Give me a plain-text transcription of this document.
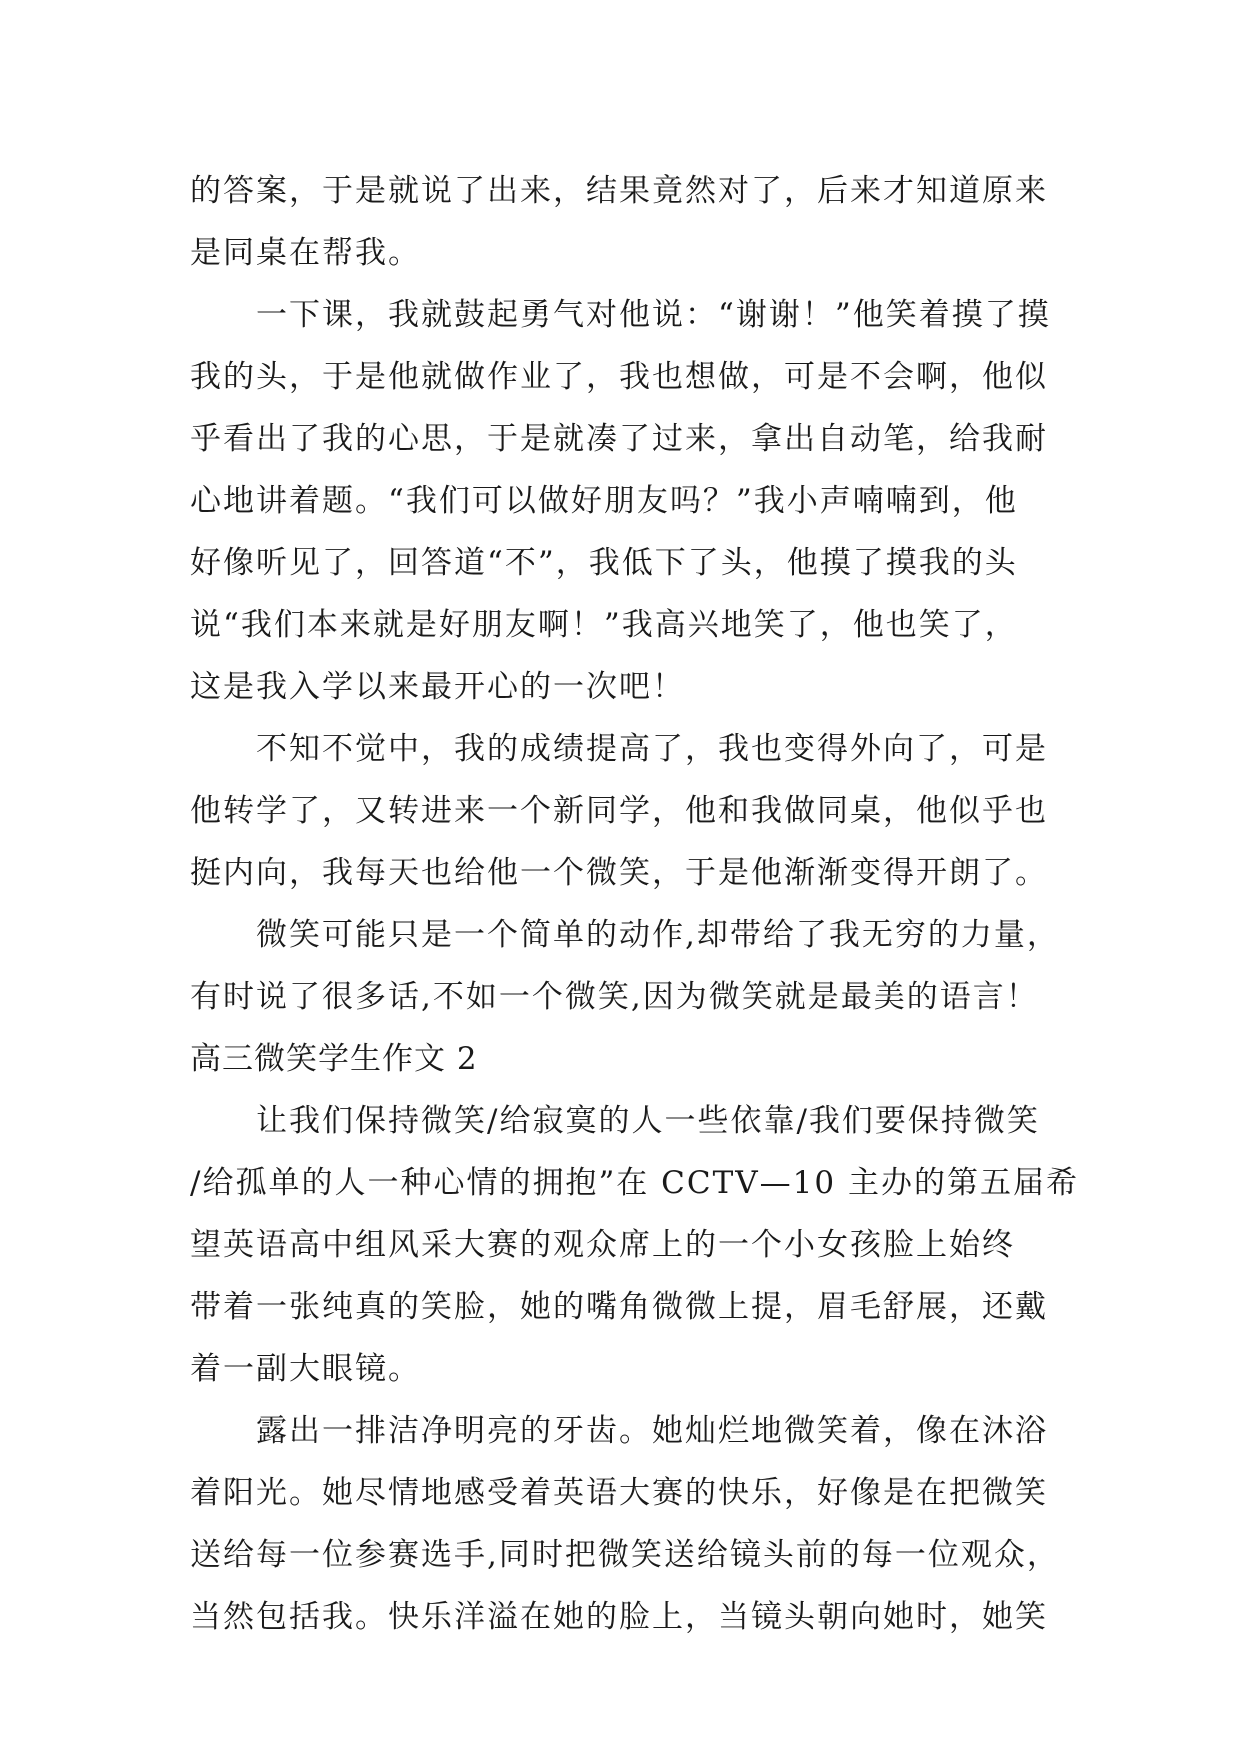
的答案，于是就说了出来，结果竟然对了，后来才知道原来
是同桌在帮我。
一下课，我就鼓起勇气对他说：“谢谢！”他笑着摸了摸
我的头，于是他就做作业了，我也想做，可是不会啊，他似
乎看出了我的心思，于是就凑了过来，拿出自动笔，给我耐
心地讲着题。“我们可以做好朋友吗？”我小声喃喃到，他
好像听见了，回答道“不”，我低下了头，他摸了摸我的头
说“我们本来就是好朋友啊！”我高兴地笑了，他也笑了，
这是我入学以来最开心的一次吧！
不知不觉中，我的成绩提高了，我也变得外向了，可是
他转学了，又转进来一个新同学，他和我做同桌，他似乎也
挺内向，我每天也给他一个微笑，于是他渐渐变得开朗了。
微笑可能只是一个简单的动作,却带给了我无穷的力量，
有时说了很多话,不如一个微笑,因为微笑就是最美的语言！
高三微笑学生作文 2
让我们保持微笑/给寂寞的人一些依靠/我们要保持微笑
/给孤单的人一种心情的拥抱”在 CCTV—10 主办的第五届希
望英语高中组风采大赛的观众席上的一个小女孩脸上始终
带着一张纯真的笑脸，她的嘴角微微上提，眉毛舒展，还戴
着一副大眼镜。
露出一排洁净明亮的牙齿。她灿烂地微笑着，像在沐浴
着阳光。她尽情地感受着英语大赛的快乐，好像是在把微笑
送给每一位参赛选手,同时把微笑送给镜头前的每一位观众，
当然包括我。快乐洋溢在她的脸上，当镜头朝向她时，她笑
